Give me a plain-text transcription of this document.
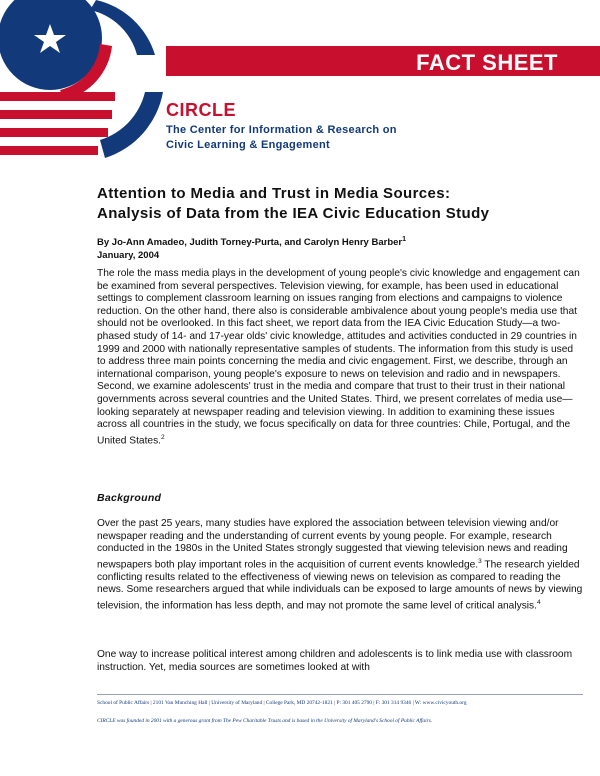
FACT SHEET
CIRCLE
The Center for Information & Research on
Civic Learning & Engagement
Attention to Media and Trust in Media Sources:
Analysis of Data from the IEA Civic Education Study
By Jo-Ann Amadeo, Judith Torney-Purta, and Carolyn Henry Barber$^1$
January, 2004

The role the mass media plays in the development of young people's civic knowledge and engagement can be examined from several perspectives. Television viewing, for example, has been used in educational settings to complement classroom learning on issues ranging from elections and campaigns to violence reduction. On the other hand, there also is considerable ambivalence about young people's media use that should not be overlooked. In this fact sheet, we report data from the IEA Civic Education Study—a two-phased study of 14- and 17-year olds' civic knowledge, attitudes and activities conducted in 29 countries in 1999 and 2000 with nationally representative samples of students. The information from this study is used to address three main points concerning the media and civic engagement. First, we describe, through an international comparison, young people's exposure to news on television and radio and in newspapers. Second, we examine adolescents' trust in the media and compare that trust to their trust in their national governments across several countries and the United States. Third, we present correlates of media use—looking separately at newspaper reading and television viewing. In addition to examining these issues across all countries in the study, we focus specifically on data for three countries: Chile, Portugal, and the United States.$^2$

Background

Over the past 25 years, many studies have explored the association between television viewing and/or newspaper reading and the understanding of current events by young people. For example, research conducted in the 1980s in the United States strongly suggested that viewing television news and reading newspapers both play important roles in the acquisition of current events knowledge.$^3$ The research yielded conflicting results related to the effectiveness of viewing news on television as compared to reading the news. Some researchers argued that while individuals can be exposed to large amounts of news by viewing television, the information has less depth, and may not promote the same level of critical analysis.$^4$

One way to increase political interest among children and adolescents is to link media use with classroom instruction. Yet, media sources are sometimes looked at with

School of Public Affairs | 2101 Van Munching Hall | University of Maryland | College Park, MD 20742-1821 | P: 301 405 2790 | F: 301 314 9346 | W: www.civicyouth.org
CIRCLE was founded in 2001 with a generous grant from The Pew Charitable Trusts and is based in the University of Maryland's School of Public Affairs.
